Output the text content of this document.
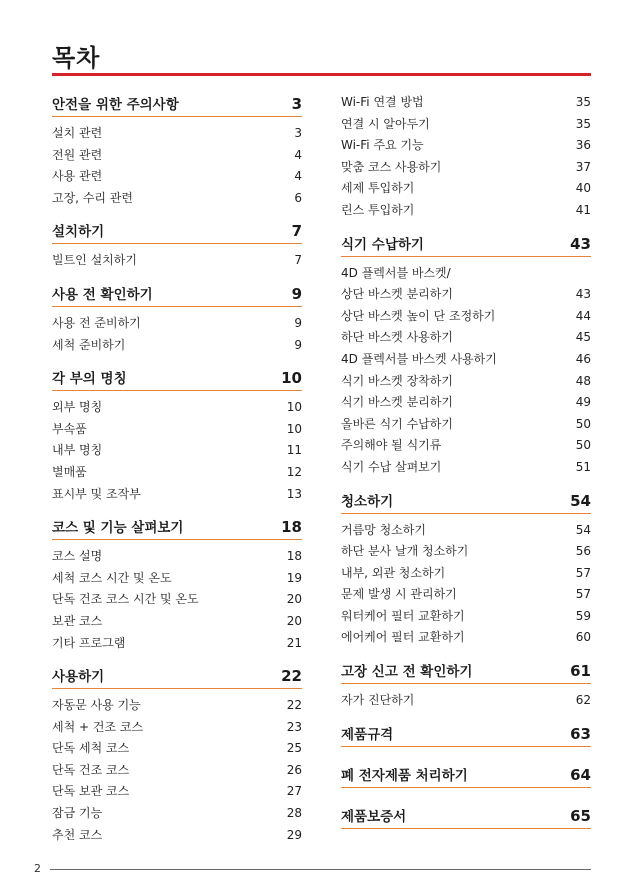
목차
안전을 위한 주의사항	3
설치 관련	3
전원 관련	4
사용 관련	4
고장, 수리 관련	6
설치하기	7
빌트인 설치하기	7
사용 전 확인하기	9
사용 전 준비하기	9
세척 준비하기	9
각 부의 명칭	10
외부 명칭	10
부속품	10
내부 명칭	11
별매품	12
표시부 및 조작부	13
코스 및 기능 살펴보기	18
코스 설명	18
세척 코스 시간 및 온도	19
단독 건조 코스 시간 및 온도	20
보관 코스	20
기타 프로그램	21
사용하기	22
자동문 사용 기능	22
세척 + 건조 코스	23
단독 세척 코스	25
단독 건조 코스	26
단독 보관 코스	27
잠금 기능	28
추천 코스	29
Wi-Fi 연결 방법	35
연결 시 알아두기	35
Wi-Fi 주요 기능	36
맞춤 코스 사용하기	37
세제 투입하기	40
린스 투입하기	41
식기 수납하기	43
4D 플렉서블 바스켓/
상단 바스켓 분리하기	43
상단 바스켓 높이 단 조정하기	44
하단 바스켓 사용하기	45
4D 플렉서블 바스켓 사용하기	46
식기 바스켓 장착하기	48
식기 바스켓 분리하기	49
올바른 식기 수납하기	50
주의해야 될 식기류	50
식기 수납 살펴보기	51
청소하기	54
거름망 청소하기	54
하단 분사 날개 청소하기	56
내부, 외관 청소하기	57
문제 발생 시 관리하기	57
워터케어 필터 교환하기	59
에어케어 필터 교환하기	60
고장 신고 전 확인하기	61
자가 진단하기	62
제품규격	63
폐 전자제품 처리하기	64
제품보증서	65
2
